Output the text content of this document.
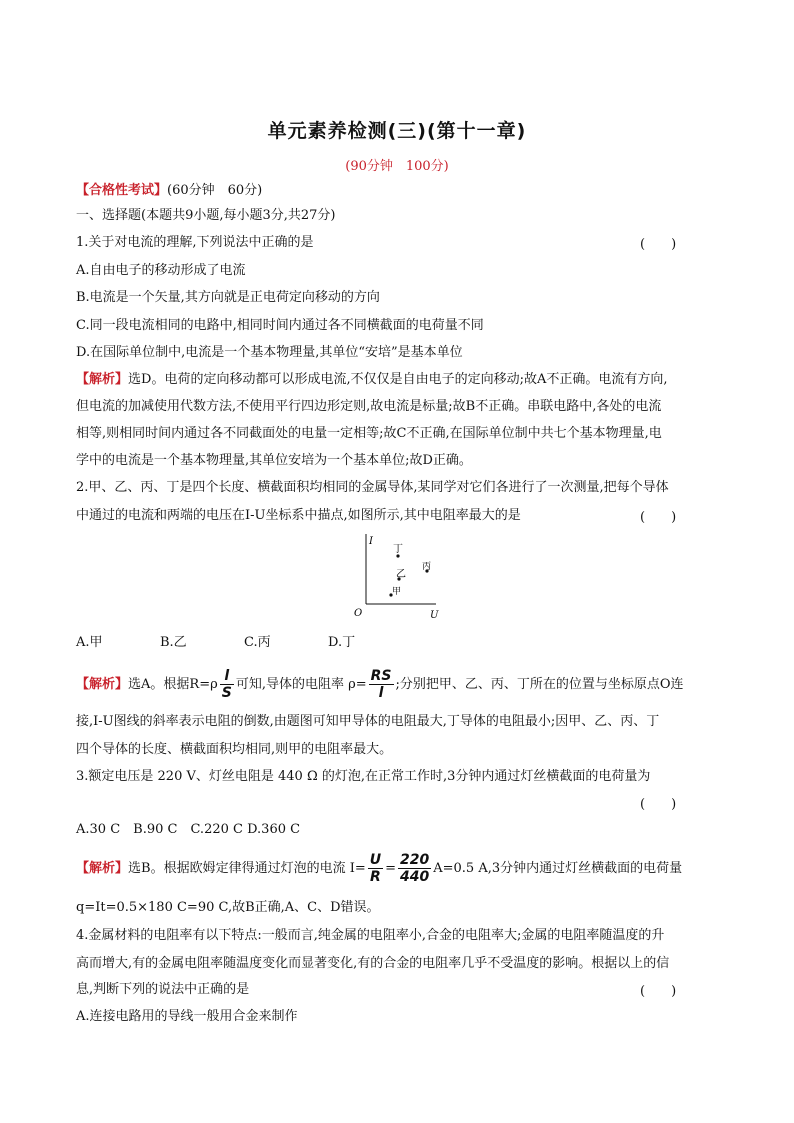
单元素养检测(三)(第十一章)
(90分钟　100分)
【合格性考试】(60分钟　60分)
一、选择题(本题共9小题,每小题3分,共27分)
1.关于对电流的理解,下列说法中正确的是	(　　)
A.自由电子的移动形成了电流
B.电流是一个矢量,其方向就是正电荷定向移动的方向
C.同一段电流相同的电路中,相同时间内通过各不同横截面的电荷量不同
D.在国际单位制中,电流是一个基本物理量,其单位“安培”是基本单位
【解析】选D。电荷的定向移动都可以形成电流,不仅仅是自由电子的定向移动;故A不正确。电流有方向,
但电流的加减使用代数方法,不使用平行四边形定则,故电流是标量;故B不正确。串联电路中,各处的电流
相等,则相同时间内通过各不同截面处的电量一定相等;故C不正确,在国际单位制中共七个基本物理量,电
学中的电流是一个基本物理量,其单位安培为一个基本单位;故D正确。
2.甲、乙、丙、丁是四个长度、横截面积均相同的金属导体,某同学对它们各进行了一次测量,把每个导体
中通过的电流和两端的电压在I-U坐标系中描点,如图所示,其中电阻率最大的是	(　　)
I
U
O
丁
乙
丙
甲
A.甲	B.乙	C.丙	D.丁
【解析】选A。根据$R=\rho \frac{l}{S}$ 可知,导体的电阻率 $\rho= \frac{RS}{l}$ ;分别把甲、乙、丙、丁所在的位置与坐标原点O连
接,I-U图线的斜率表示电阻的倒数,由题图可知甲导体的电阻最大,丁导体的电阻最小;因甲、乙、丙、丁
四个导体的长度、横截面积均相同,则甲的电阻率最大。
3.额定电压是 220 V、灯丝电阻是 440 Ω 的灯泡,在正常工作时,3分钟内通过灯丝横截面的电荷量为
(　　)
A.30 C　B.90 C　C.220 C D.360 C
【解析】选B。根据欧姆定律得通过灯泡的电流 $I= \frac{U}{R} = \frac{220}{440} A=0.5$ A,3分钟内通过灯丝横截面的电荷量
q=It=0.5×180 C=90 C,故B正确,A、C、D错误。
4.金属材料的电阻率有以下特点:一般而言,纯金属的电阻率小,合金的电阻率大;金属的电阻率随温度的升
高而增大,有的金属电阻率随温度变化而显著变化,有的合金的电阻率几乎不受温度的影响。根据以上的信
息,判断下列的说法中正确的是	(　　)
A.连接电路用的导线一般用合金来制作
